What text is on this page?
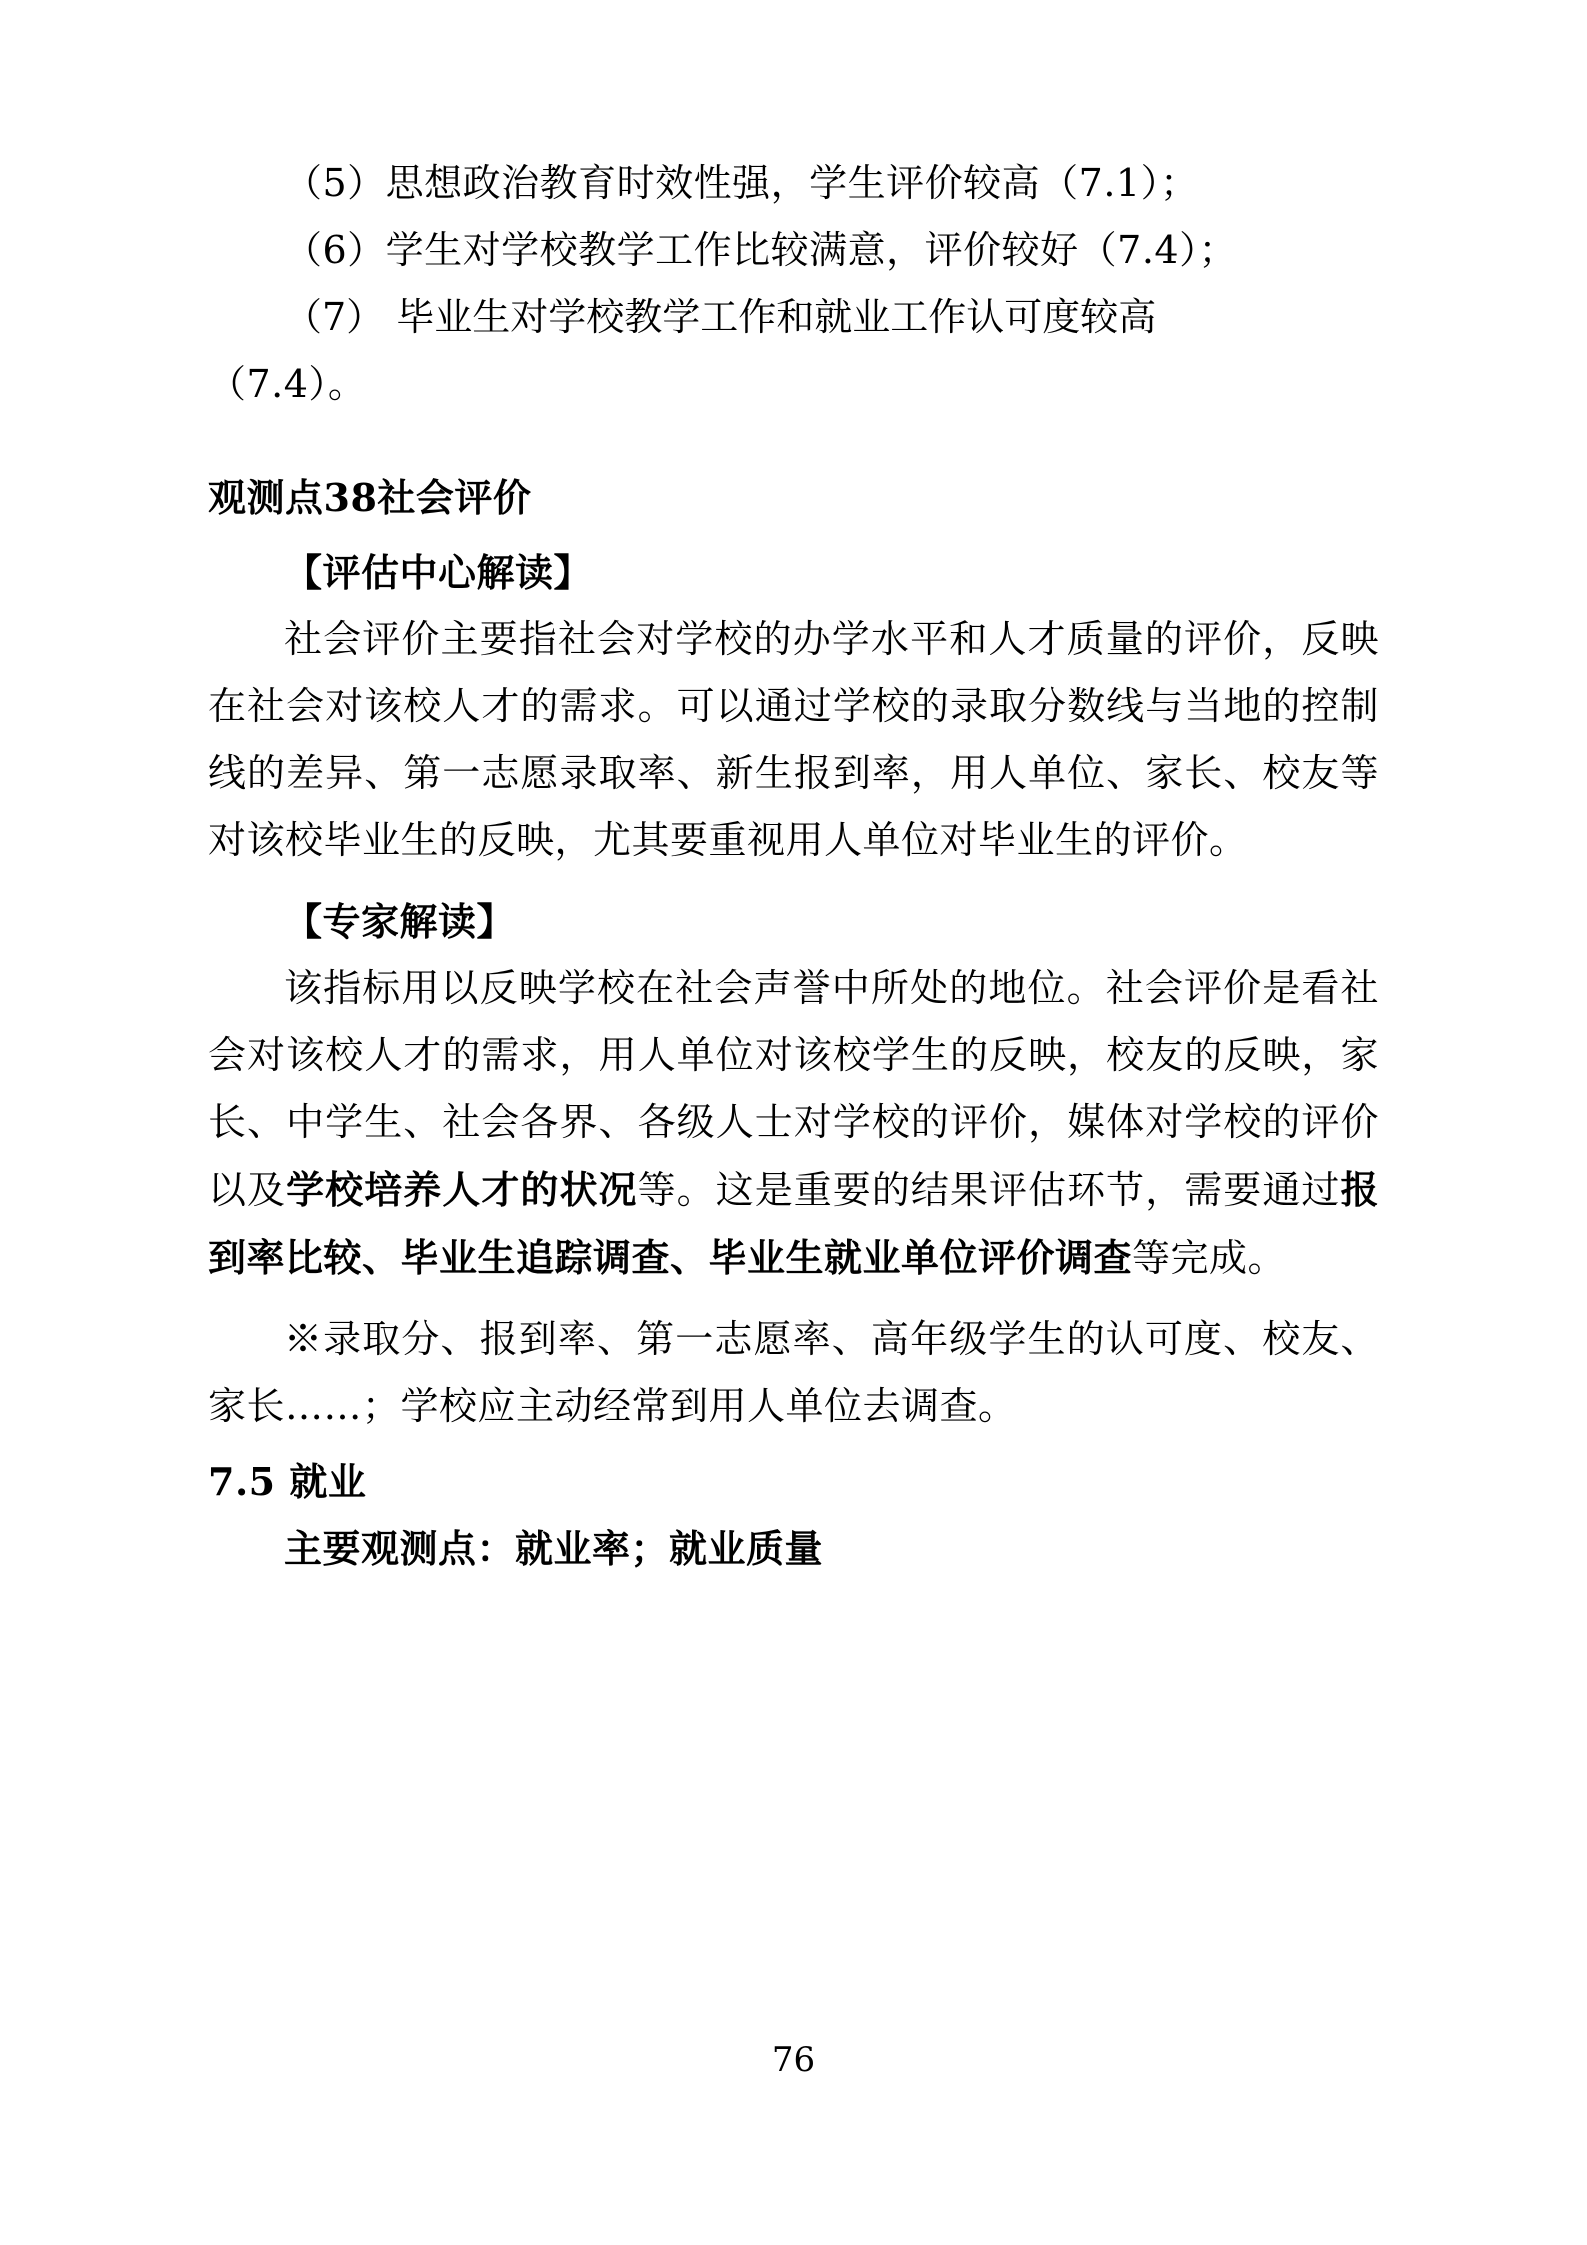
（5）思想政治教育时效性强，学生评价较高（7.1）；
（6）学生对学校教学工作比较满意，评价较好（7.4）；
（7） 毕业生对学校教学工作和就业工作认可度较高
（7.4）。
观测点38社会评价
【评估中心解读】

社会评价主要指社会对学校的办学水平和人才质量的评价，反映在社会对该校人才的需求。可以通过学校的录取分数线与当地的控制线的差异、第一志愿录取率、新生报到率，用人单位、家长、校友等对该校毕业生的反映，尤其要重视用人单位对毕业生的评价。

【专家解读】

该指标用以反映学校在社会声誉中所处的地位。社会评价是看社会对该校人才的需求，用人单位对该校学生的反映，校友的反映，家长、中学生、社会各界、各级人士对学校的评价，媒体对学校的评价以及学校培养人才的状况等。这是重要的结果评估环节，需要通过报到率比较、毕业生追踪调查、毕业生就业单位评价调查等完成。

※录取分、报到率、第一志愿率、高年级学生的认可度、校友、家长……；学校应主动经常到用人单位去调查。

7.5 就业
主要观测点：就业率；就业质量
76
